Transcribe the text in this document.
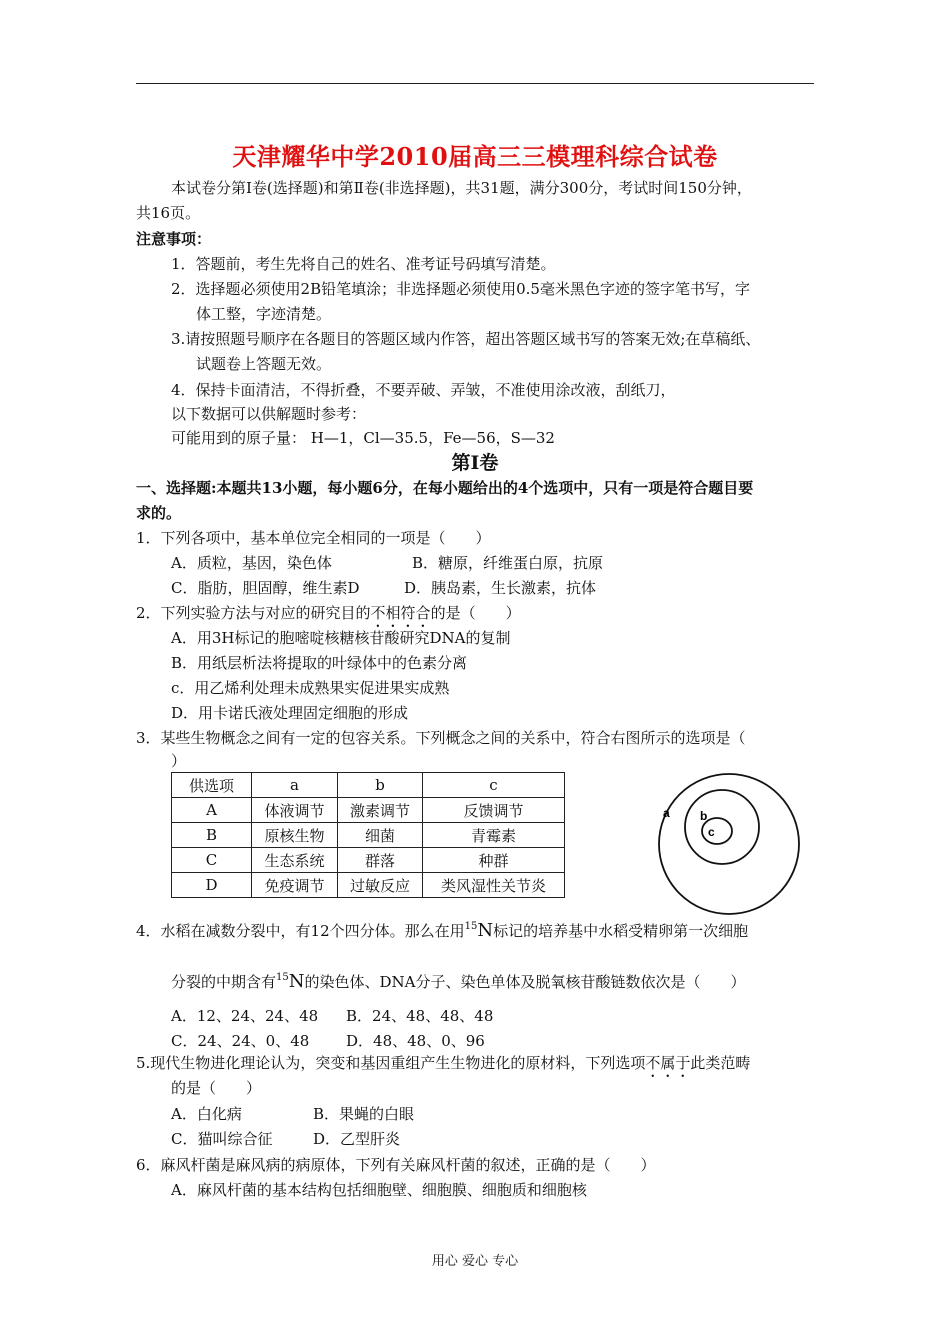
天津耀华中学2010届高三三模理科综合试卷
本试卷分第Ⅰ卷(选择题)和第Ⅱ卷(非选择题)，共31题，满分300分，考试时间150分钟，
共16页。
注意事项：
1．答题前，考生先将自己的姓名、准考证号码填写清楚。
2．选择题必须使用2B铅笔填涂；非选择题必须使用0.5毫米黑色字迹的签字笔书写，字
体工整，字迹清楚。
3.请按照题号顺序在各题目的答题区域内作答，超出答题区域书写的答案无效;在草稿纸、
试题卷上答题无效。
4．保持卡面清洁，不得折叠，不要弄破、弄皱，不准使用涂改液，刮纸刀，
以下数据可以供解题时参考：
可能用到的原子量： H—1，Cl—35.5，Fe—56，S—32
第Ⅰ卷
一、选择题:本题共13小题，每小题6分，在每小题给出的4个选项中，只有一项是符合题目要
求的。
1．下列各项中，基本单位完全相同的一项是（　　）
A．质粒，基因，染色体	B．糖原，纤维蛋白原，抗原
C．脂肪，胆固醇，维生素D	D．胰岛素，生长激素，抗体
2．下列实验方法与对应的研究目的不相符合的是（　　）
A．用3H标记的胞嘧啶核糖核苷酸研究DNA的复制
B．用纸层析法将提取的叶绿体中的色素分离
c．用乙烯利处理未成熟果实促进果实成熟
D．用卡诺氏液处理固定细胞的形成
3．某些生物概念之间有一定的包容关系。下列概念之间的关系中，符合右图所示的选项是（
）
供选项	a	b	c
A	体液调节	激素调节	反馈调节
B	原核生物	细菌	青霉素
C	生态系统	群落	种群
D	免疫调节	过敏反应	类风湿性关节炎
a	b
c
4．水稻在减数分裂中，有12个四分体。那么在用$^{15}$N标记的培养基中水稻受精卵第一次细胞
分裂的中期含有$^{15}$N的染色体、DNA分子、染色单体及脱氧核苷酸链数依次是（　　）
A．12、24、24、48 B．24、48、48、48
C．24、24、0、48 D．48、48、0、96
5.现代生物进化理论认为，突变和基因重组产生生物进化的原材料，下列选项不属于此类范畴
的是（　　）
A．白化病	B．果蝇的白眼
C．猫叫综合征	D．乙型肝炎
6．麻风杆菌是麻风病的病原体，下列有关麻风杆菌的叙述，正确的是（　　）
A．麻风杆菌的基本结构包括细胞壁、细胞膜、细胞质和细胞核
用心 爱心 专心
